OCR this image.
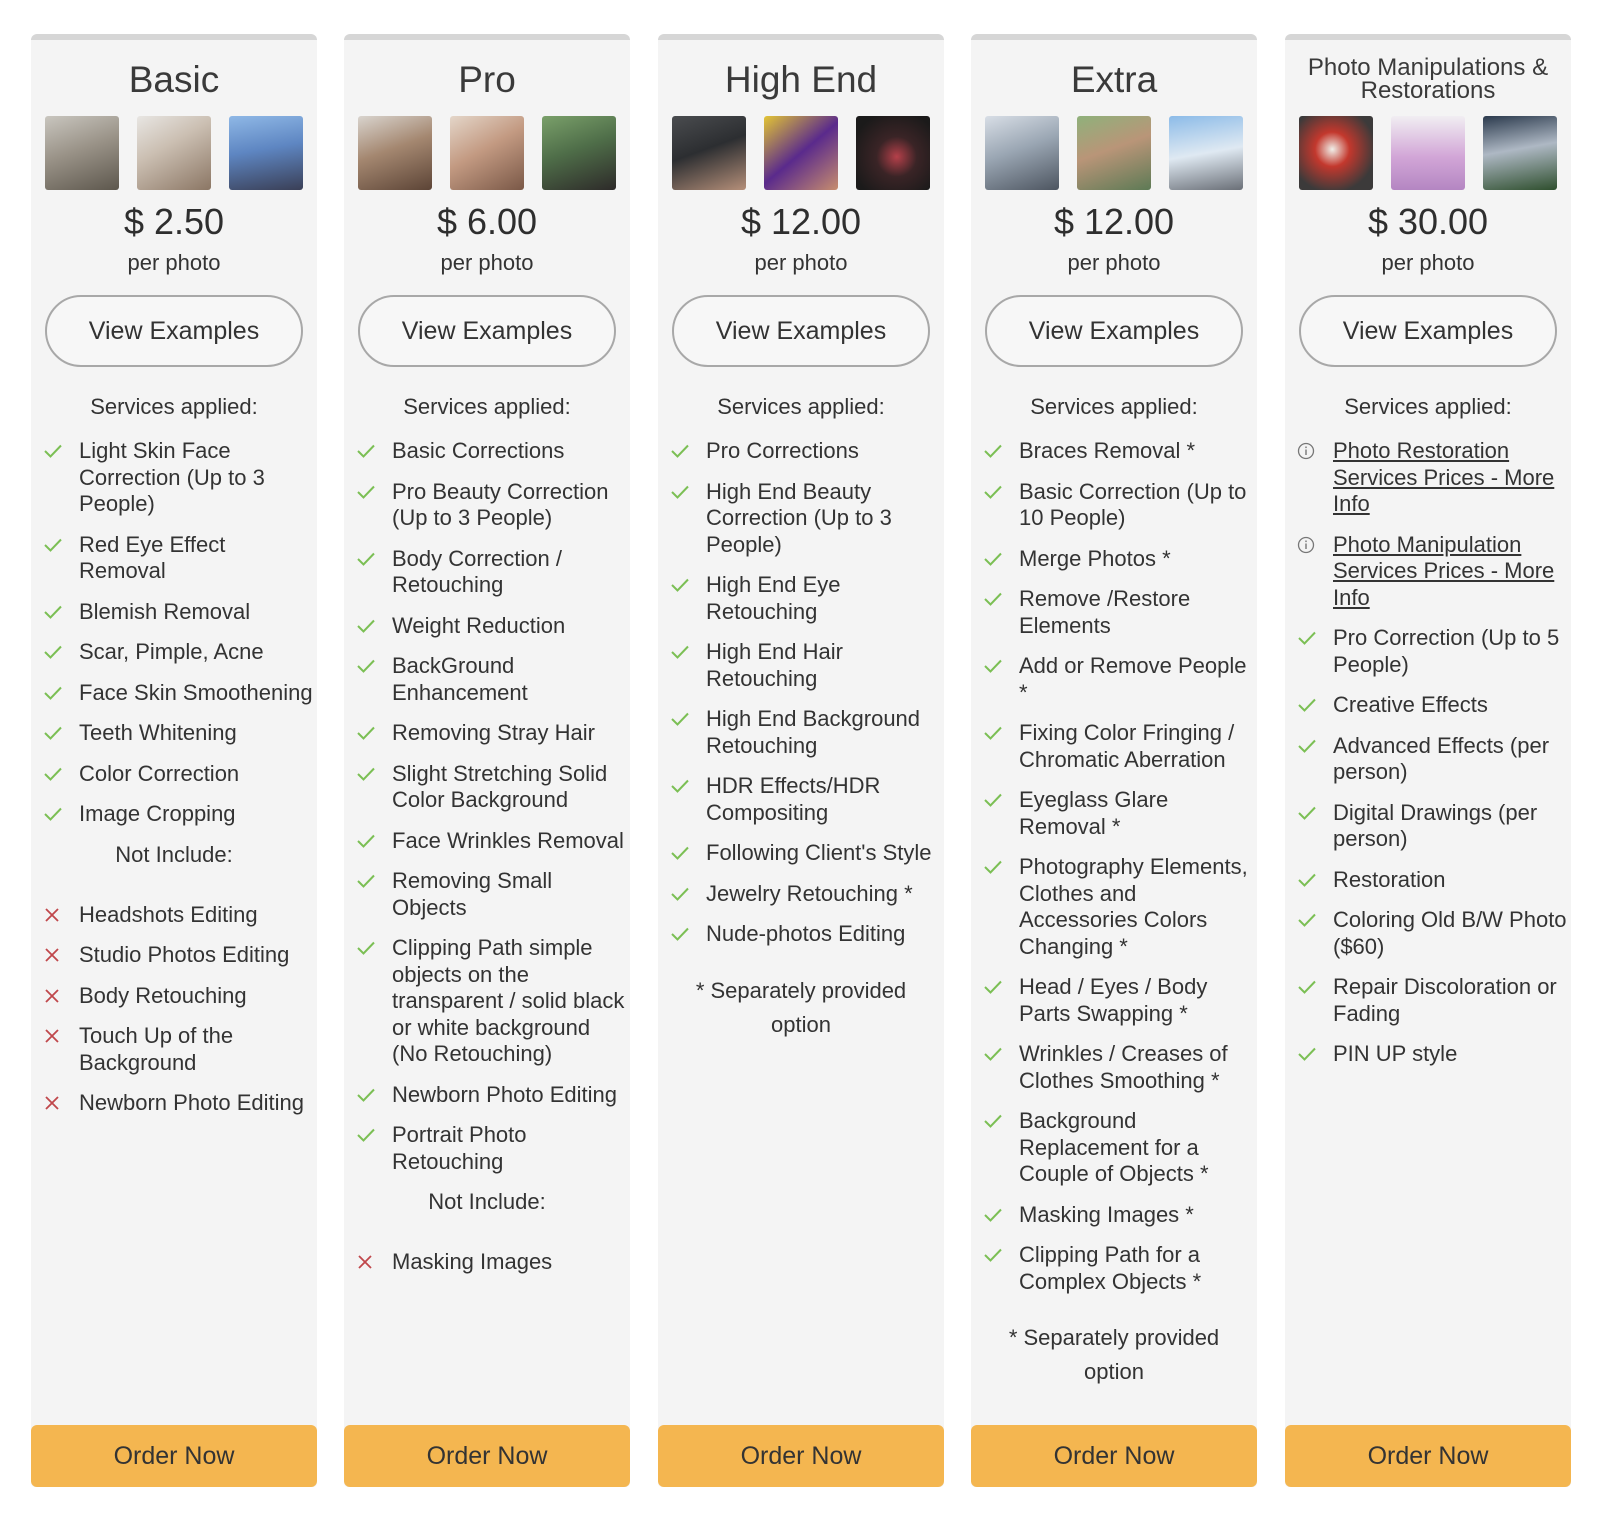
Basic
$ 2.50
per photo
View Examples
Services applied:
Light Skin Face Correction (Up to 3 People)
Red Eye Effect Removal
Blemish Removal
Scar, Pimple, Acne
Face Skin Smoothening
Teeth Whitening
Color Correction
Image Cropping
Not Include:
Headshots Editing
Studio Photos Editing
Body Retouching
Touch Up of the Background
Newborn Photo Editing
Order Now
Pro
$ 6.00
per photo
View Examples
Services applied:
Basic Corrections
Pro Beauty Correction (Up to 3 People)
Body Correction / Retouching
Weight Reduction
BackGround Enhancement
Removing Stray Hair
Slight Stretching Solid Color Background
Face Wrinkles Removal
Removing Small Objects
Clipping Path simple objects on the transparent / solid black or white background (No Retouching)
Newborn Photo Editing
Portrait Photo Retouching
Not Include:
Masking Images
Order Now
High End
$ 12.00
per photo
View Examples
Services applied:
Pro Corrections
High End Beauty Correction (Up to 3 People)
High End Eye Retouching
High End Hair Retouching
High End Background Retouching
HDR Effects/HDR Compositing
Following Client's Style
Jewelry Retouching *
Nude-photos Editing
* Separately provided option
Order Now
Extra
$ 12.00
per photo
View Examples
Services applied:
Braces Removal *
Basic Correction (Up to 10 People)
Merge Photos *
Remove /Restore Elements
Add or Remove People *
Fixing Color Fringing / Chromatic Aberration
Eyeglass Glare Removal *
Photography Elements, Clothes and Accessories Colors Changing *
Head / Eyes / Body Parts Swapping *
Wrinkles / Creases of Clothes Smoothing *
Background Replacement for a Couple of Objects *
Masking Images *
Clipping Path for a Complex Objects *
* Separately provided option
Order Now
Photo Manipulations & Restorations
$ 30.00
per photo
View Examples
Services applied:
Photo Restoration Services Prices - More Info
Photo Manipulation Services Prices - More Info
Pro Correction (Up to 5 People)
Creative Effects
Advanced Effects (per person)
Digital Drawings (per person)
Restoration
Coloring Old B/W Photo ($60)
Repair Discoloration or Fading
PIN UP style
Order Now
